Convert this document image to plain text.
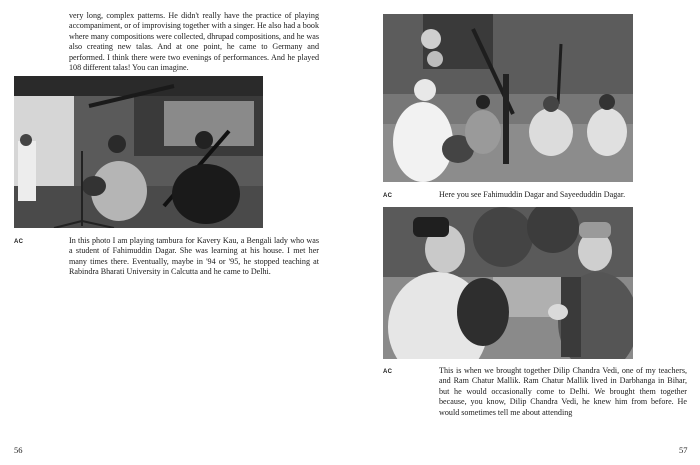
very long, complex patterns. He didn't really have the practice of playing accompaniment, or of improvising together with a singer. He also had a book where many compositions were collected, dhrupad compositions, and he was also creating new talas. And at one point, he came to Germany and performed. I think there were two evenings of performances. And he played 108 different talas! You can imagine.

AC	In this photo I am playing tambura for Kavery Kau, a Bengali lady who was a student of Fahimuddin Dagar. She was learning at his house. I met her many times there. Eventually, maybe in '94 or '95, he stopped teaching at Rabindra Bharati University in Calcutta and he came to Delhi.

56
AC	Here you see Fahimuddin Dagar and Sayeeduddin Dagar.

AC	This is when we brought together Dilip Chandra Vedi, one of my teachers, and Ram Chatur Mallik. Ram Chatur Mallik lived in Darbhanga in Bihar, but he would occasionally come to Delhi. We brought them together because, you know, Dilip Chandra Vedi, he knew him from before. He would sometimes tell me about attending

57
